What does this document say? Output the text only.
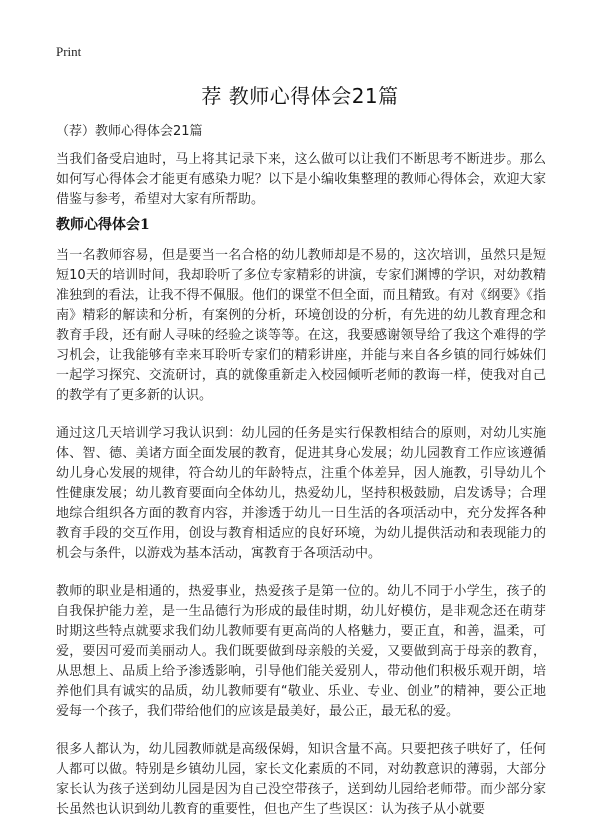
Print
荐 教师心得体会21篇
（荐）教师心得体会21篇
当我们备受启迪时，马上将其记录下来，这么做可以让我们不断思考不断进步。那么如何写心得体会才能更有感染力呢？以下是小编收集整理的教师心得体会，欢迎大家借鉴与参考，希望对大家有所帮助。
教师心得体会1

当一名教师容易，但是要当一名合格的幼儿教师却是不易的，这次培训，虽然只是短短10天的培训时间，我却聆听了多位专家精彩的讲演，专家们渊博的学识，对幼教精准独到的看法，让我不得不佩服。他们的课堂不但全面，而且精致。有对《纲要》《指南》精彩的解读和分析，有案例的分析，环境创设的分析，有先进的幼儿教育理念和教育手段，还有耐人寻味的经验之谈等等。在这，我要感谢领导给了我这个难得的学习机会，让我能够有幸来耳聆听专家们的精彩讲座，并能与来自各乡镇的同行姊妹们一起学习探究、交流研讨，真的就像重新走入校园倾听老师的教诲一样，使我对自己的教学有了更多新的认识。

通过这几天培训学习我认识到：幼儿园的任务是实行保教相结合的原则，对幼儿实施体、智、德、美诸方面全面发展的教育，促进其身心发展；幼儿园教育工作应该遵循幼儿身心发展的规律，符合幼儿的年龄特点，注重个体差异，因人施教，引导幼儿个性健康发展；幼儿教育要面向全体幼儿，热爱幼儿，坚持积极鼓励，启发诱导；合理地综合组织各方面的教育内容，并渗透于幼儿一日生活的各项活动中，充分发挥各种教育手段的交互作用，创设与教育相适应的良好环境，为幼儿提供活动和表现能力的机会与条件，以游戏为基本活动，寓教育于各项活动中。

教师的职业是相通的，热爱事业，热爱孩子是第一位的。幼儿不同于小学生，孩子的自我保护能力差，是一生品德行为形成的最佳时期，幼儿好模仿，是非观念还在萌芽时期这些特点就要求我们幼儿教师要有更高尚的人格魅力，要正直，和善，温柔，可爱，要因可爱而美丽动人。我们既要做到母亲般的关爱，又要做到高于母亲的教育，从思想上、品质上给予渗透影响，引导他们能关爱别人，带动他们积极乐观开朗，培养他们具有诚实的品质，幼儿教师要有“敬业、乐业、专业、创业”的精神，要公正地爱每一个孩子，我们带给他们的应该是最美好，最公正，最无私的爱。

很多人都认为，幼儿园教师就是高级保姆，知识含量不高。只要把孩子哄好了，任何人都可以做。特别是乡镇幼儿园，家长文化素质的不同，对幼教意识的薄弱，大部分家长认为孩子送到幼儿园是因为自己没空带孩子，送到幼儿园给老师带。而少部分家长虽然也认识到幼儿教育的重要性，但也产生了些误区：认为孩子从小就要
